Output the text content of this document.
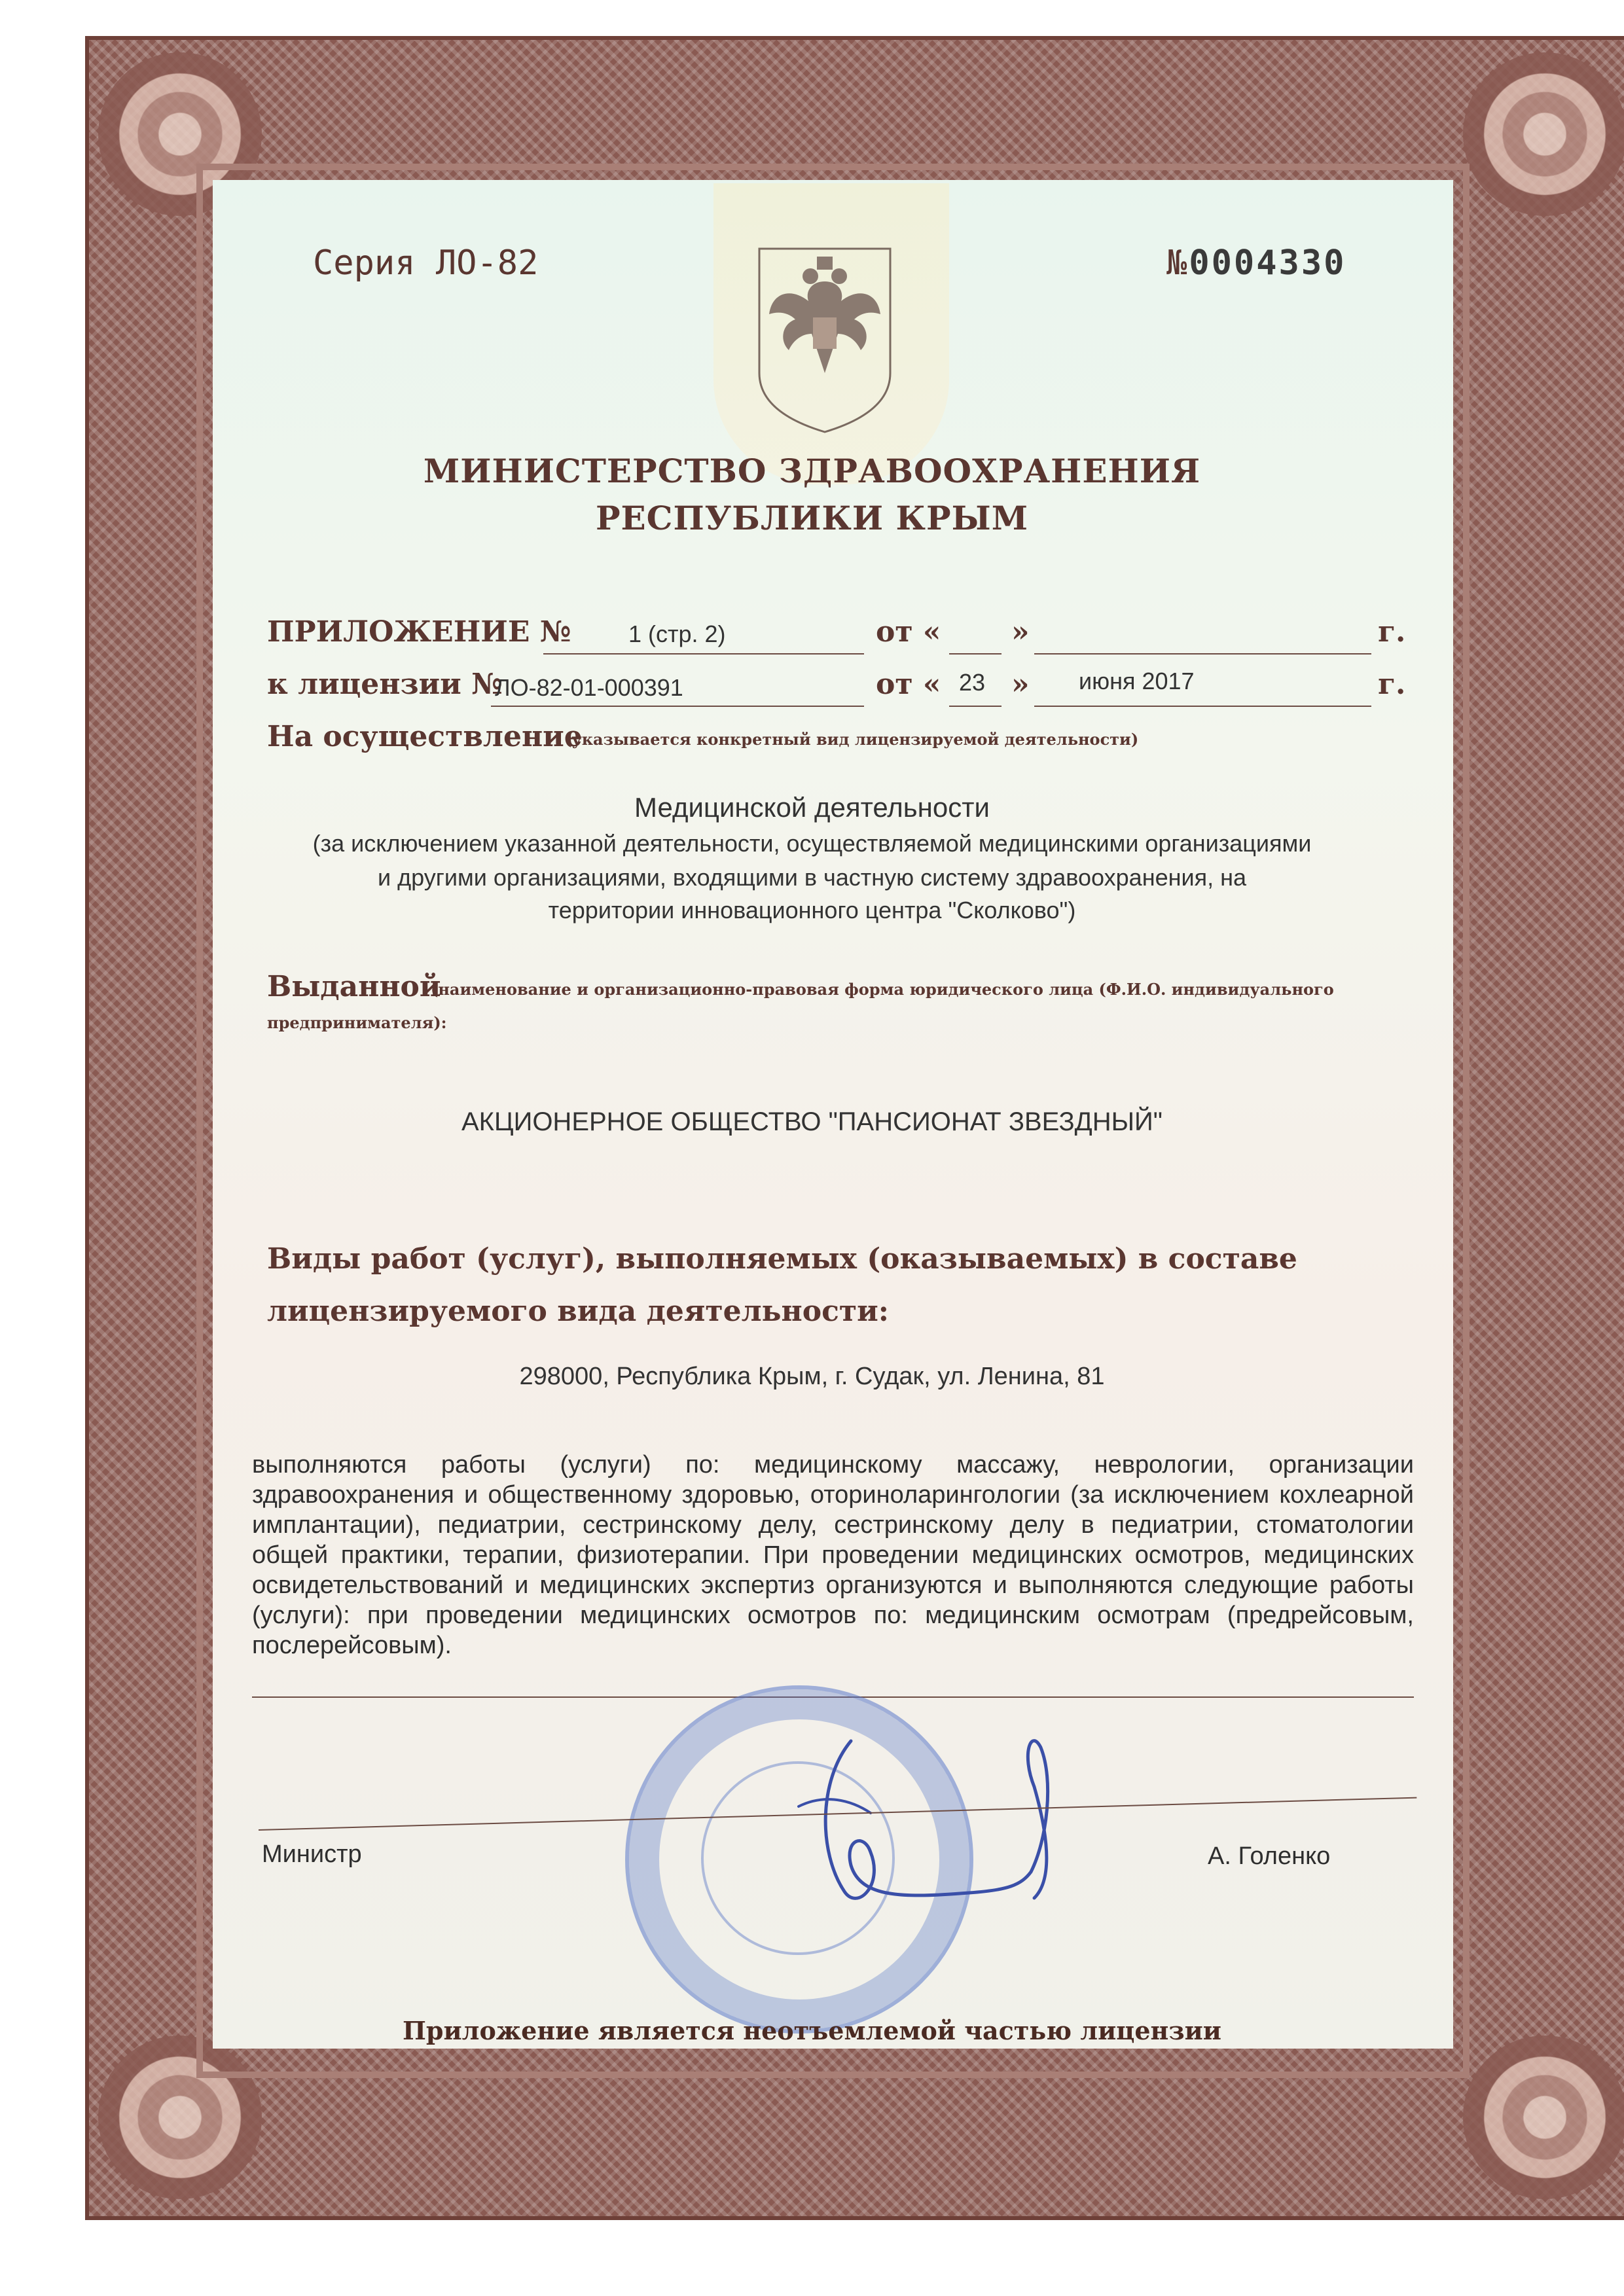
Серия ЛО-82	№0004330

МИНИСТЕРСТВО ЗДРАВООХРАНЕНИЯ

РЕСПУБЛИКИ КРЫМ

ПРИЛОЖЕНИЕ № 1 (стр. 2)	от « »	г.

к лицензии №

ЛО-82-01-000391	от « 23 » июня 2017	г.

На осуществление

(указывается конкретный вид лицензируемой деятельности)

Медицинской деятельности

(за исключением указанной деятельности, осуществляемой медицинскими организациями

и другими организациями, входящими в частную систему здравоохранения, на

территории инновационного центра "Сколково")

Выданной

(наименование и организационно-правовая форма юридического лица (Ф.И.О. индивидуального

предпринимателя):

АКЦИОНЕРНОЕ ОБЩЕСТВО "ПАНСИОНАТ ЗВЕЗДНЫЙ"

Виды работ (услуг), выполняемых (оказываемых) в составе

лицензируемого вида деятельности:

298000, Республика Крым, г. Судак, ул. Ленина, 81

выполняются работы (услуги) по: медицинскому массажу, неврологии, организации здравоохранения и общественному здоровью, оториноларингологии (за исключением кохлеарной имплантации), педиатрии, сестринскому делу, сестринскому делу в педиатрии, стоматологии общей практики, терапии, физиотерапии. При проведении медицинских осмотров, медицинских освидетельствований и медицинских экспертиз организуются и выполняются следующие работы (услуги): при проведении медицинских осмотров по: медицинским осмотрам (предрейсовым, послерейсовым).

Министр	А. Голенко

Приложение является неотъемлемой частью лицензии
